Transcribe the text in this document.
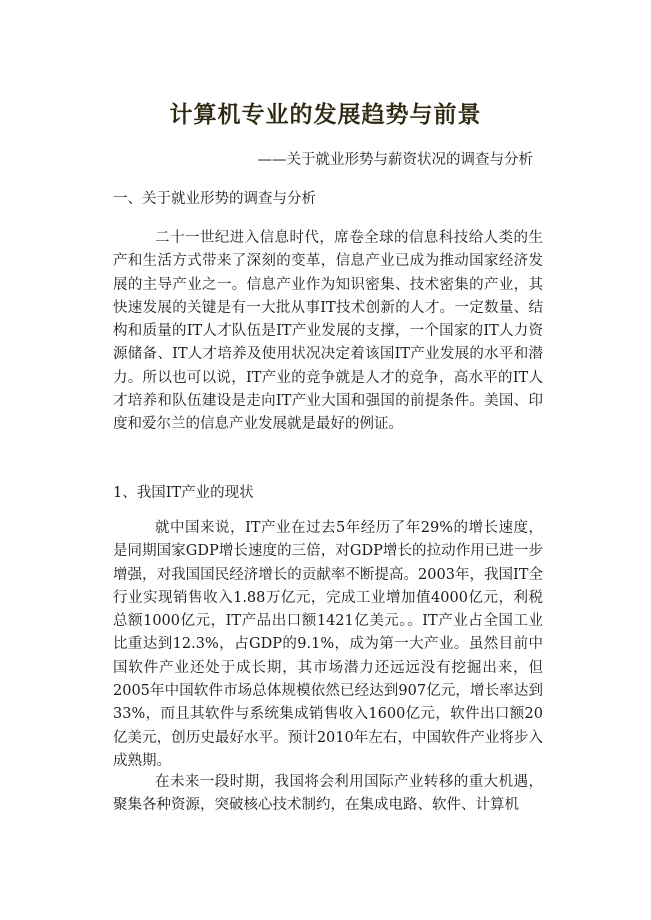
计算机专业的发展趋势与前景

——关于就业形势与薪资状况的调查与分析

一、关于就业形势的调查与分析

二十一世纪进入信息时代，席卷全球的信息科技给人类的生产和生活方式带来了深刻的变革，信息产业已成为推动国家经济发展的主导产业之一。信息产业作为知识密集、技术密集的产业，其快速发展的关键是有一大批从事IT技术创新的人才。一定数量、结构和质量的IT人才队伍是IT产业发展的支撑，一个国家的IT人力资源储备、IT人才培养及使用状况决定着该国IT产业发展的水平和潜力。所以也可以说，IT产业的竞争就是人才的竞争，高水平的IT人才培养和队伍建设是走向IT产业大国和强国的前提条件。美国、印度和爱尔兰的信息产业发展就是最好的例证。

1、我国IT产业的现状

就中国来说，IT产业在过去5年经历了年29%的增长速度，是同期国家GDP增长速度的三倍，对GDP增长的拉动作用已进一步增强，对我国国民经济增长的贡献率不断提高。2003年，我国IT全行业实现销售收入1.88万亿元，完成工业增加值4000亿元，利税总额1000亿元，IT产品出口额1421亿美元。。IT产业占全国工业比重达到12.3%，占GDP的9.1%，成为第一大产业。虽然目前中国软件产业还处于成长期，其市场潜力还远远没有挖掘出来，但2005年中国软件市场总体规模依然已经达到907亿元，增长率达到33%，而且其软件与系统集成销售收入1600亿元，软件出口额20亿美元，创历史最好水平。预计2010年左右，中国软件产业将步入成熟期。

在未来一段时期，我国将会利用国际产业转移的重大机遇，聚集各种资源，突破核心技术制约，在集成电路、软件、计算机
